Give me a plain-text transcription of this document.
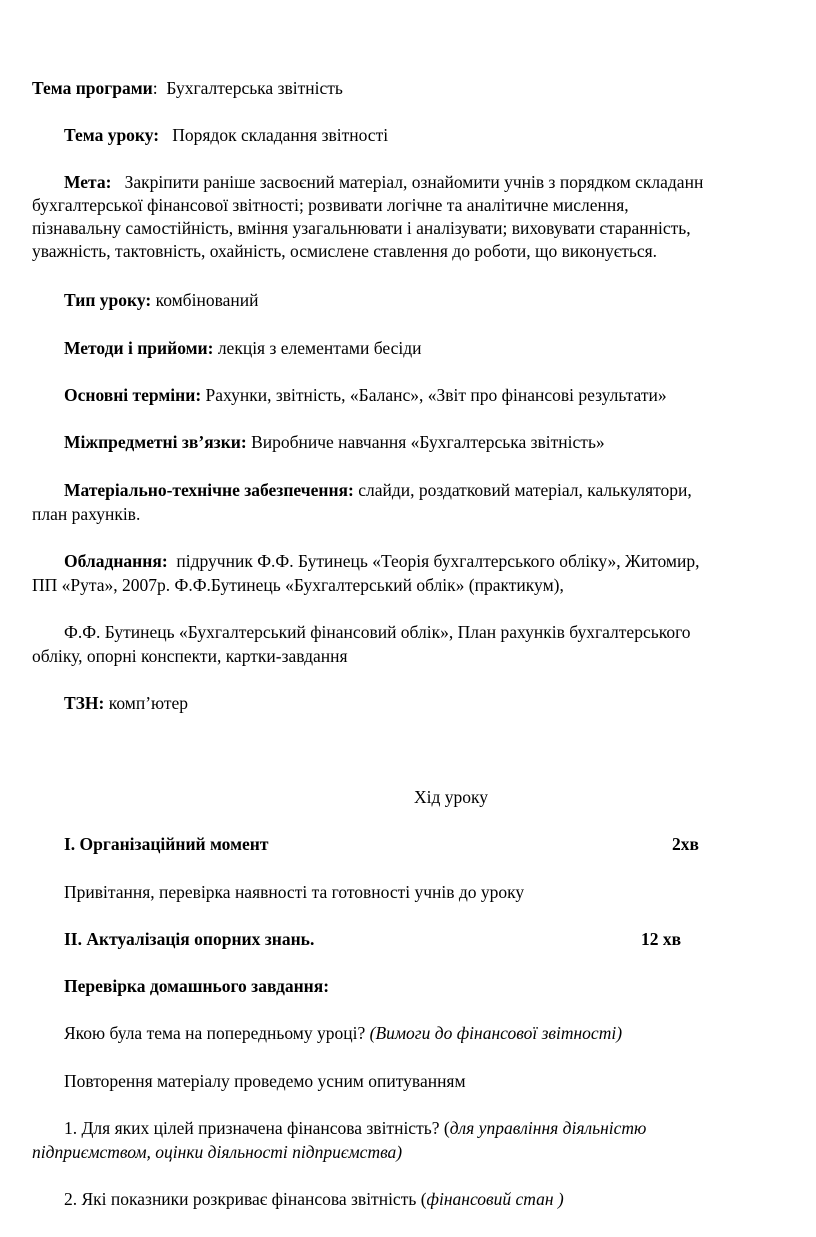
Тема програми: Бухгалтерська звітність
Тема уроку: Порядок складання звітності
Мета: Закріпити раніше засвоєний матеріал, ознайомити учнів з порядком складанн
бухгалтерської фінансової звітності; розвивати логічне та аналітичне мислення,
пізнавальну самостійність, вміння узагальнювати і аналізувати; виховувати старанність,
уважність, тактовність, охайність, осмислене ставлення до роботи, що виконується.
Тип уроку: комбінований
Методи і прийоми: лекція з елементами бесіди
Основні терміни: Рахунки, звітність, «Баланс», «Звіт про фінансові результати»
Міжпредметні зв’язки: Виробниче навчання «Бухгалтерська звітність»
Матеріально-технічне забезпечення: слайди, роздатковий матеріал, калькулятори,
план рахунків.
Обладнання: підручник Ф.Ф. Бутинець «Теорія бухгалтерського обліку», Житомир,
ПП «Рута», 2007р. Ф.Ф.Бутинець «Бухгалтерський облік» (практикум),
Ф.Ф. Бутинець «Бухгалтерський фінансовий облік», План рахунків бухгалтерського
обліку, опорні конспекти, картки-завдання
ТЗН: комп’ютер
Хід уроку
І. Організаційний момент	2хв
Привітання, перевірка наявності та готовності учнів до уроку
ІІ. Актуалізація опорних знань.	12 хв
Перевірка домашнього завдання:
Якою була тема на попередньому уроці? (Вимоги до фінансової звітності)
Повторення матеріалу проведемо усним опитуванням
1. Для яких цілей призначена фінансова звітність? (для управління діяльністю
підприємством, оцінки діяльності підприємства)
2. Які показники розкриває фінансова звітність (фінансовий стан )
